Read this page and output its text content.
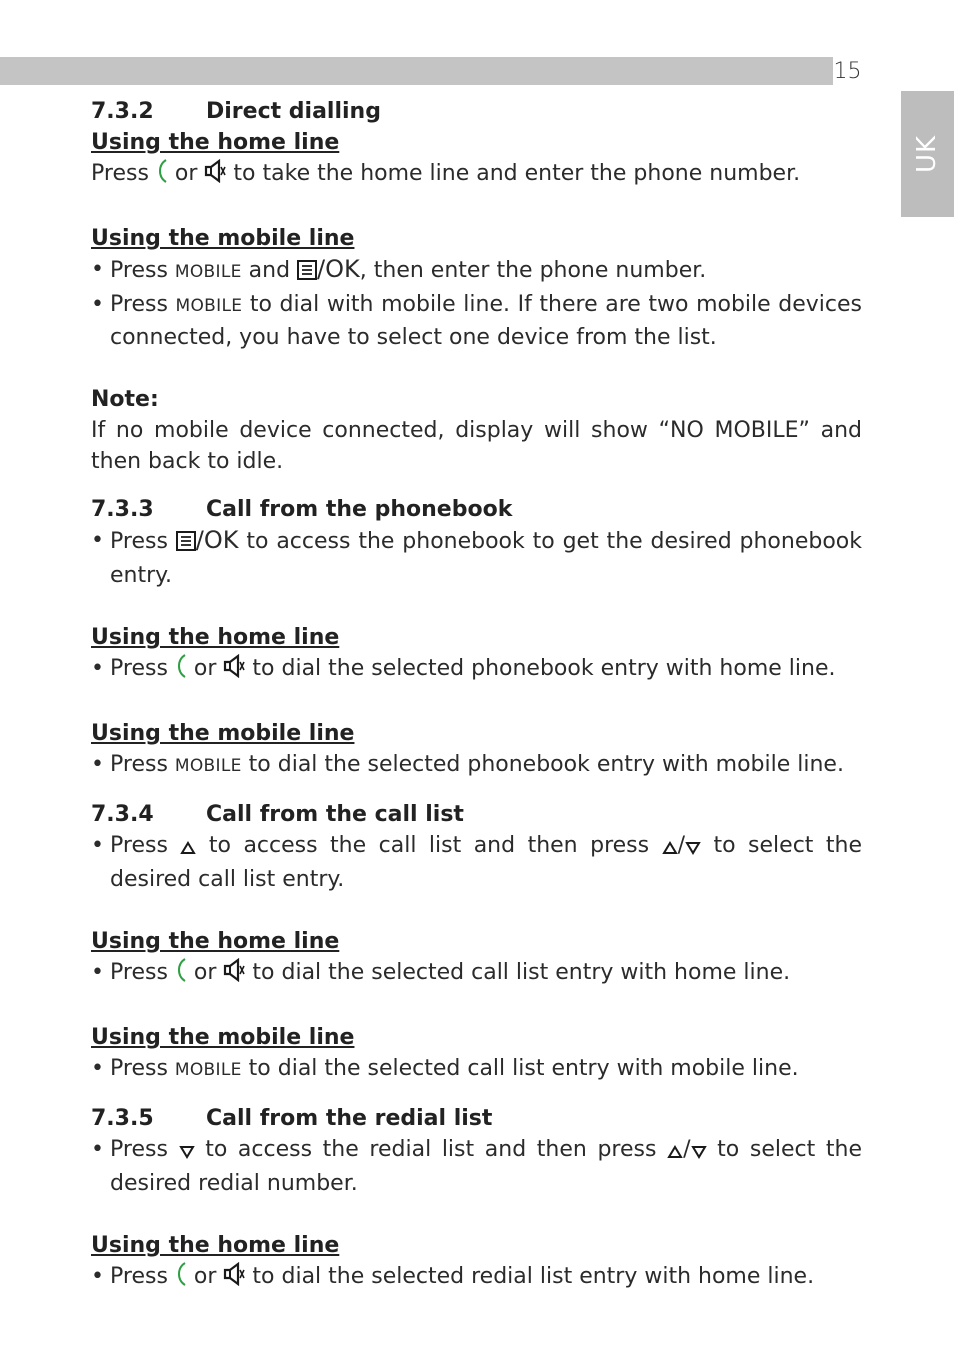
15
UK
7.3.2	Direct dialling
Using the home line
Press or to take the home line and enter the phone number.
Using the mobile line
• Press MOBILE and /OK, then enter the phone number.
• Press MOBILE to dial with mobile line. If there are two mobile devices connected, you have to select one device from the list.
Note:
If no mobile device connected, display will show “NO MOBILE” and then back to idle.
7.3.3	Call from the phonebook
• Press /OK to access the phonebook to get the desired phonebook entry.
Using the home line
• Press or to dial the selected phonebook entry with home line.
Using the mobile line
• Press MOBILE to dial the selected phonebook entry with mobile line.
7.3.4	Call from the call list
• Press to access the call list and then press / to select the desired call list entry.
Using the home line
• Press or to dial the selected call list entry with home line.
Using the mobile line
• Press MOBILE to dial the selected call list entry with mobile line.
7.3.5	Call from the redial list
• Press to access the redial list and then press / to select the desired redial number.
Using the home line
• Press or to dial the selected redial list entry with home line.
